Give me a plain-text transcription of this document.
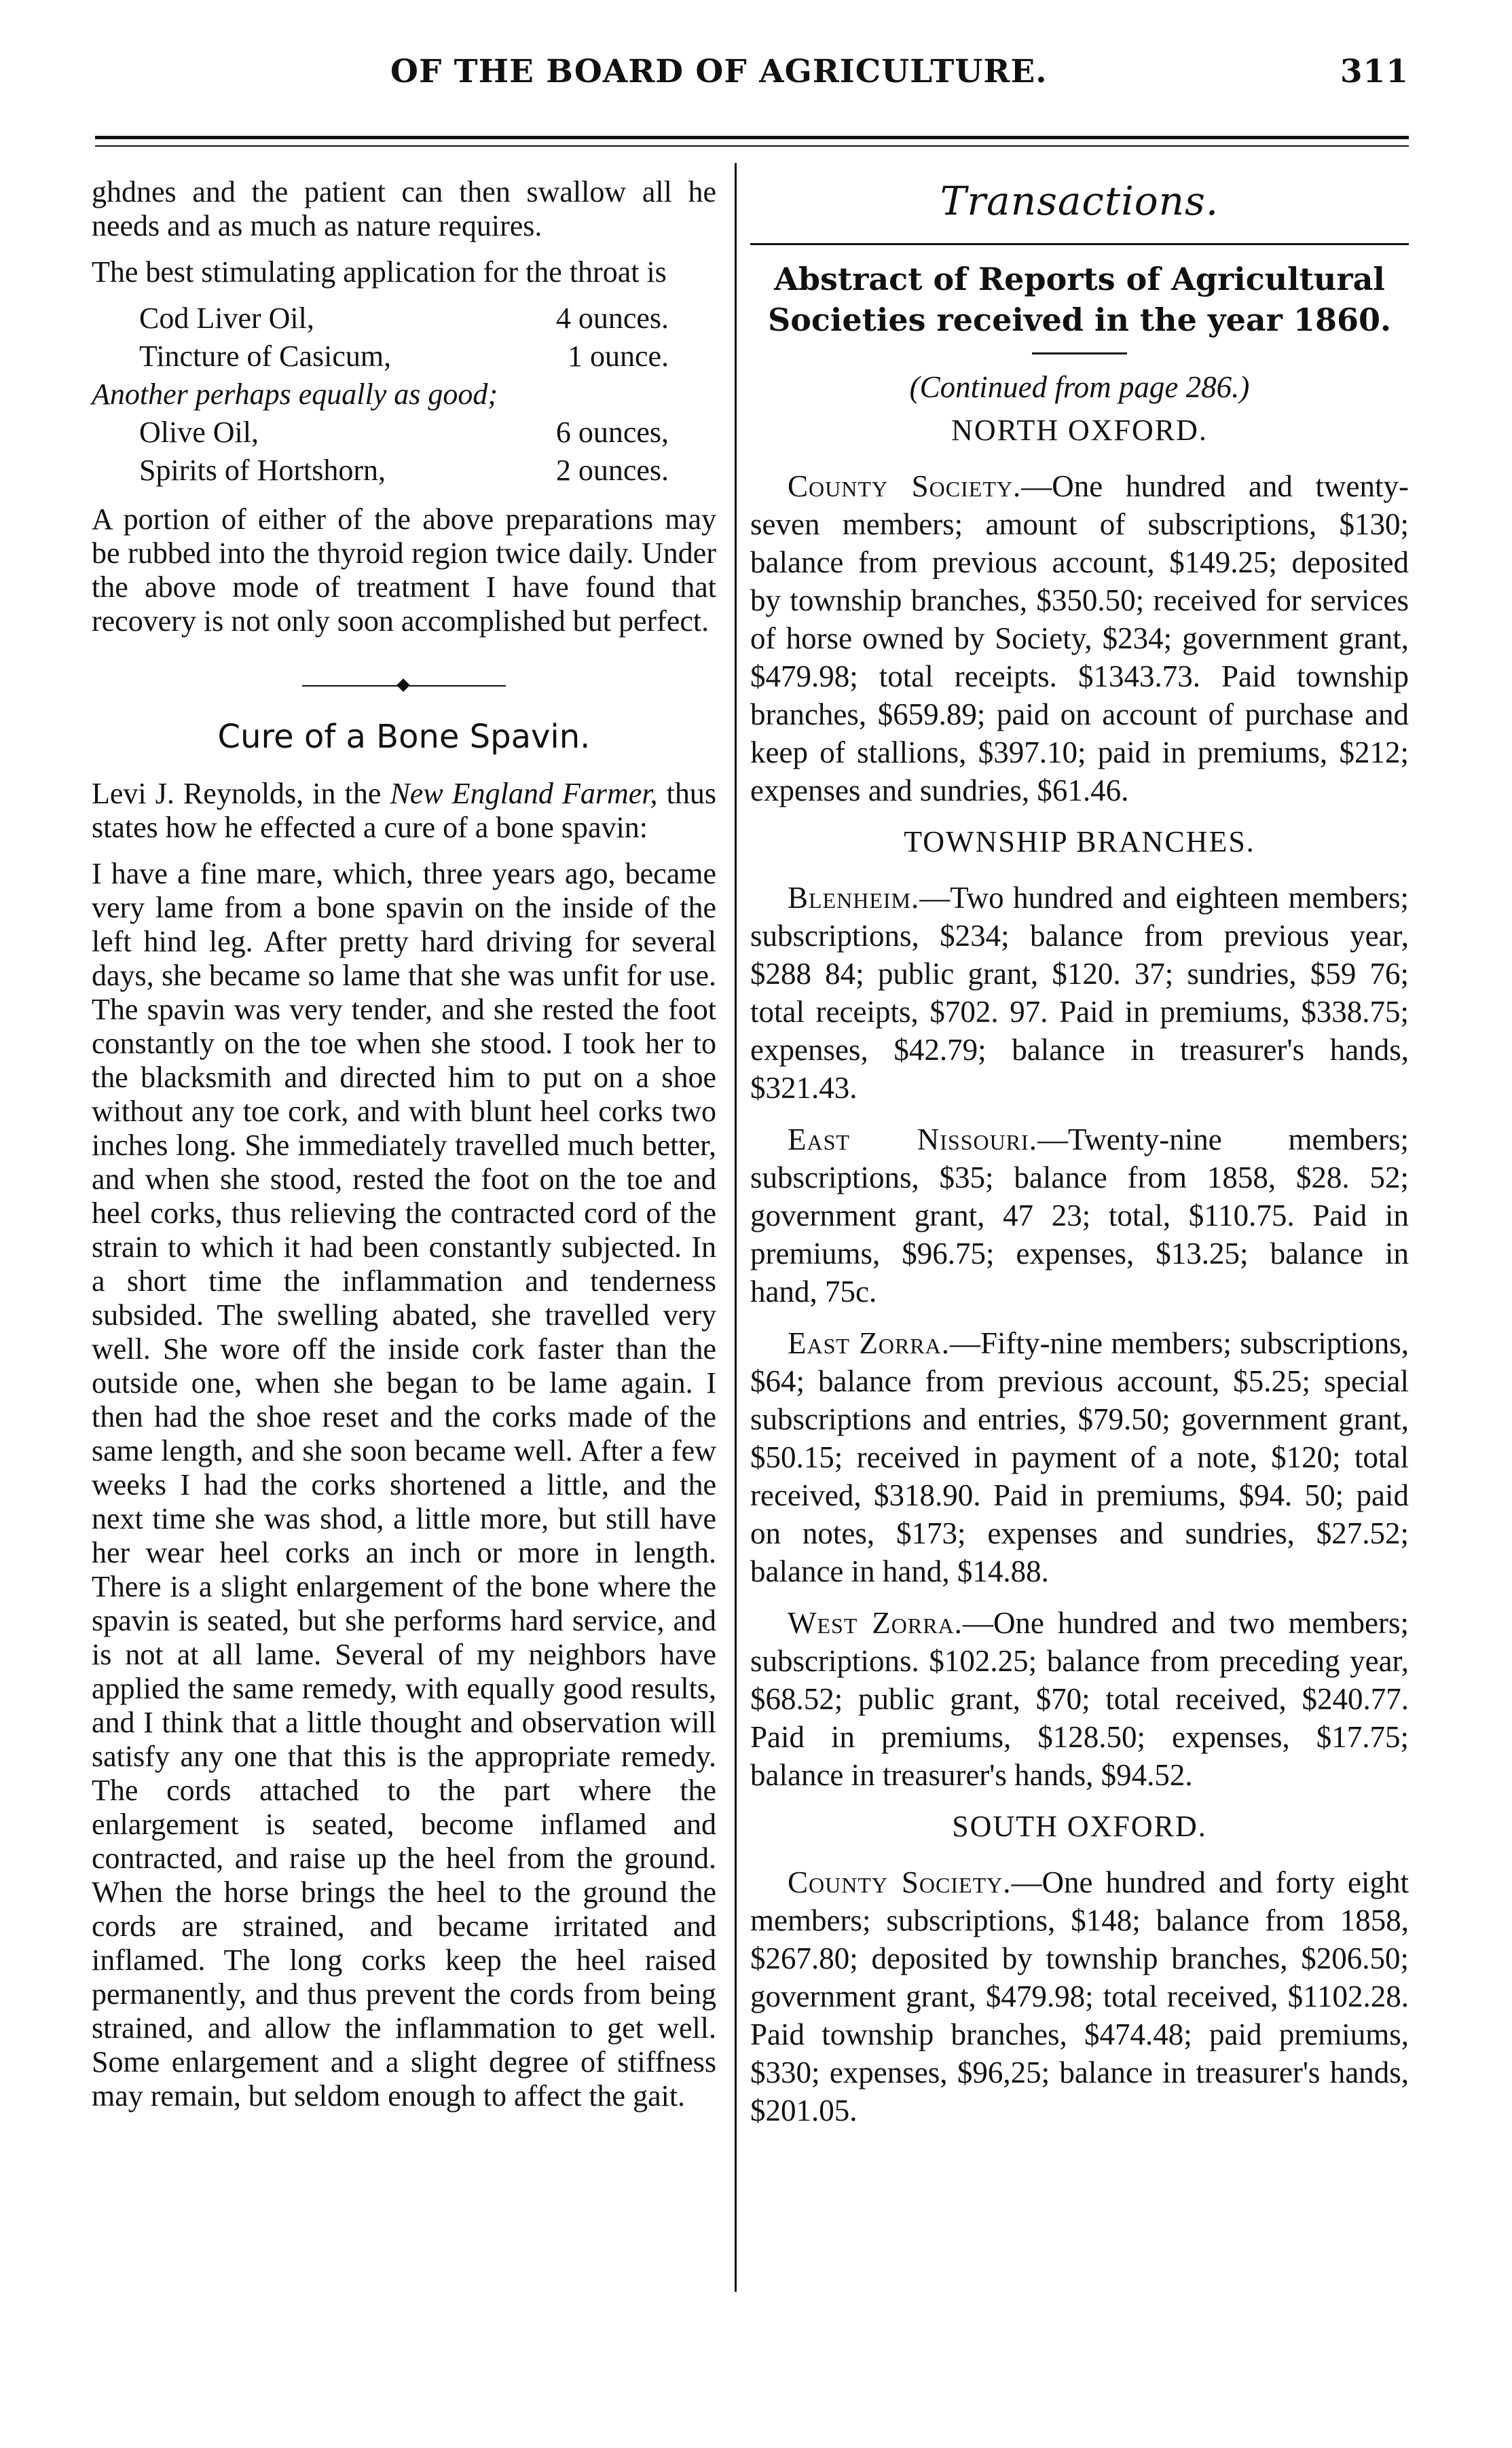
OF THE BOARD OF AGRICULTURE.	311

ghdnes and the patient can then swallow all he needs and as much as nature requires.

The best stimulating application for the throat is

Cod Liver Oil,	4 ounces.
Tincture of Casicum,	1 ounce.
Another perhaps equally as good;
Olive Oil,	6 ounces,
Spirits of Hortshorn,	2 ounces.

A portion of either of the above preparations may be rubbed into the thyroid region twice daily. Under the above mode of treatment I have found that recovery is not only soon accomplished but perfect.

Cure of a Bone Spavin.

Levi J. Reynolds, in the New England Farmer, thus states how he effected a cure of a bone spavin:

I have a fine mare, which, three years ago, became very lame from a bone spavin on the inside of the left hind leg. After pretty hard driving for several days, she became so lame that she was unfit for use. The spavin was very tender, and she rested the foot constantly on the toe when she stood. I took her to the blacksmith and directed him to put on a shoe without any toe cork, and with blunt heel corks two inches long. She immediately travelled much better, and when she stood, rested the foot on the toe and heel corks, thus relieving the contracted cord of the strain to which it had been constantly subjected. In a short time the inflammation and tenderness subsided. The swelling abated, she travelled very well. She wore off the inside cork faster than the outside one, when she began to be lame again. I then had the shoe reset and the corks made of the same length, and she soon became well. After a few weeks I had the corks shortened a little, and the next time she was shod, a little more, but still have her wear heel corks an inch or more in length. There is a slight enlargement of the bone where the spavin is seated, but she performs hard service, and is not at all lame. Several of my neighbors have applied the same remedy, with equally good results, and I think that a little thought and observation will satisfy any one that this is the appropriate remedy. The cords attached to the part where the enlargement is seated, become inflamed and contracted, and raise up the heel from the ground. When the horse brings the heel to the ground the cords are strained, and became irritated and inflamed. The long corks keep the heel raised permanently, and thus prevent the cords from being strained, and allow the inflammation to get well. Some enlargement and a slight degree of stiffness may remain, but seldom enough to affect the gait.

Transactions.
Abstract of Reports of Agricultural Societies received in the year 1860.
(Continued from page 286.)
NORTH OXFORD.

County Society.—One hundred and twenty-seven members; amount of subscriptions, $130; balance from previous account, $149.25; deposited by township branches, $350.50; received for services of horse owned by Society, $234; government grant, $479.98; total receipts. $1343.73. Paid township branches, $659.89; paid on account of purchase and keep of stallions, $397.10; paid in premiums, $212; expenses and sundries, $61.46.

TOWNSHIP BRANCHES.

Blenheim.—Two hundred and eighteen members; subscriptions, $234; balance from previous year, $288 84; public grant, $120. 37; sundries, $59 76; total receipts, $702. 97. Paid in premiums, $338.75; expenses, $42.79; balance in treasurer's hands, $321.43.

East Nissouri.—Twenty-nine members; subscriptions, $35; balance from 1858, $28. 52; government grant, 47 23; total, $110.75. Paid in premiums, $96.75; expenses, $13.25; balance in hand, 75c.

East Zorra.—Fifty-nine members; subscriptions, $64; balance from previous account, $5.25; special subscriptions and entries, $79.50; government grant, $50.15; received in payment of a note, $120; total received, $318.90. Paid in premiums, $94. 50; paid on notes, $173; expenses and sundries, $27.52; balance in hand, $14.88.

West Zorra.—One hundred and two members; subscriptions. $102.25; balance from preceding year, $68.52; public grant, $70; total received, $240.77. Paid in premiums, $128.50; expenses, $17.75; balance in treasurer's hands, $94.52.

SOUTH OXFORD.

County Society.—One hundred and forty eight members; subscriptions, $148; balance from 1858, $267.80; deposited by township branches, $206.50; government grant, $479.98; total received, $1102.28. Paid township branches, $474.48; paid premiums, $330; expenses, $96,25; balance in treasurer's hands, $201.05.
